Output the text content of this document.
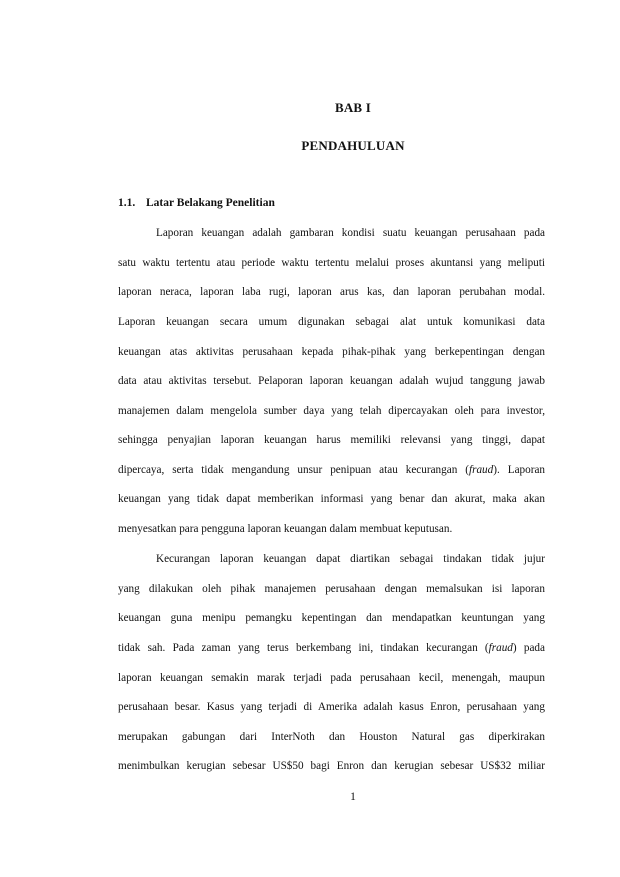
BAB I
PENDAHULUAN
1.1. Latar Belakang Penelitian
Laporan keuangan adalah gambaran kondisi suatu keuangan perusahaan pada
satu waktu tertentu atau periode waktu tertentu melalui proses akuntansi yang meliputi
laporan neraca, laporan laba rugi, laporan arus kas, dan laporan perubahan modal.
Laporan keuangan secara umum digunakan sebagai alat untuk komunikasi data
keuangan atas aktivitas perusahaan kepada pihak-pihak yang berkepentingan dengan
data atau aktivitas tersebut. Pelaporan laporan keuangan adalah wujud tanggung jawab
manajemen dalam mengelola sumber daya yang telah dipercayakan oleh para investor,
sehingga penyajian laporan keuangan harus memiliki relevansi yang tinggi, dapat
dipercaya, serta tidak mengandung unsur penipuan atau kecurangan (fraud). Laporan
keuangan yang tidak dapat memberikan informasi yang benar dan akurat, maka akan
menyesatkan para pengguna laporan keuangan dalam membuat keputusan.
Kecurangan laporan keuangan dapat diartikan sebagai tindakan tidak jujur
yang dilakukan oleh pihak manajemen perusahaan dengan memalsukan isi laporan
keuangan guna menipu pemangku kepentingan dan mendapatkan keuntungan yang
tidak sah. Pada zaman yang terus berkembang ini, tindakan kecurangan (fraud) pada
laporan keuangan semakin marak terjadi pada perusahaan kecil, menengah, maupun
perusahaan besar. Kasus yang terjadi di Amerika adalah kasus Enron, perusahaan yang
merupakan gabungan dari InterNoth dan Houston Natural gas diperkirakan
menimbulkan kerugian sebesar US$50 bagi Enron dan kerugian sebesar US$32 miliar
1
